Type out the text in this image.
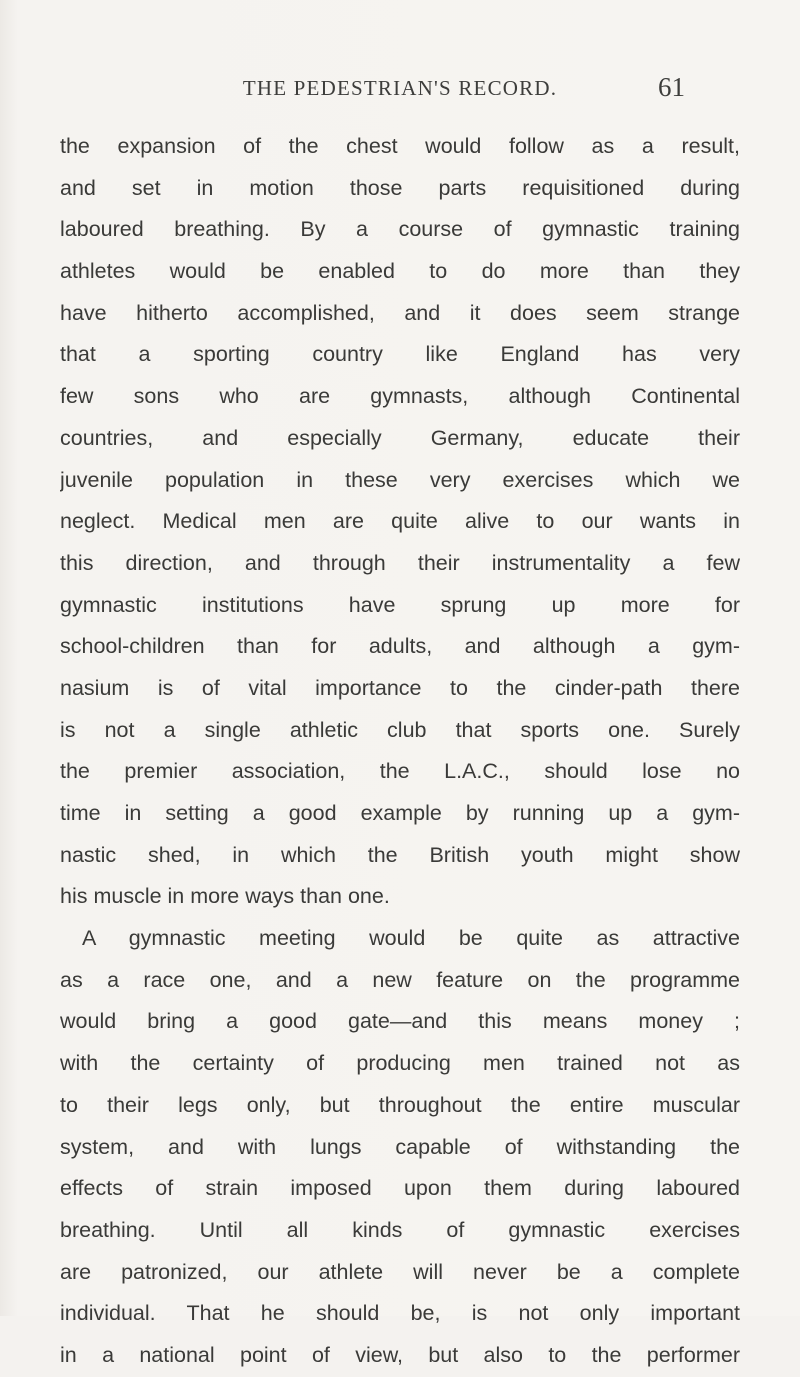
THE PEDESTRIAN'S RECORD.	61
the expansion of the chest would follow as a result,
and set in motion those parts requisitioned during
laboured breathing. By a course of gymnastic training
athletes would be enabled to do more than they
have hitherto accomplished, and it does seem strange
that a sporting country like England has very
few sons who are gymnasts, although Continental
countries, and especially Germany, educate their
juvenile population in these very exercises which we
neglect. Medical men are quite alive to our wants in
this direction, and through their instrumentality a few
gymnastic institutions have sprung up more for
school-children than for adults, and although a gym-
nasium is of vital importance to the cinder-path there
is not a single athletic club that sports one. Surely
the premier association, the L.A.C., should lose no
time in setting a good example by running up a gym-
nastic shed, in which the British youth might show
his muscle in more ways than one.
A gymnastic meeting would be quite as attractive
as a race one, and a new feature on the programme
would bring a good gate—and this means money ;
with the certainty of producing men trained not as
to their legs only, but throughout the entire muscular
system, and with lungs capable of withstanding the
effects of strain imposed upon them during laboured
breathing. Until all kinds of gymnastic exercises
are patronized, our athlete will never be a complete
individual. That he should be, is not only important
in a national point of view, but also to the performer
